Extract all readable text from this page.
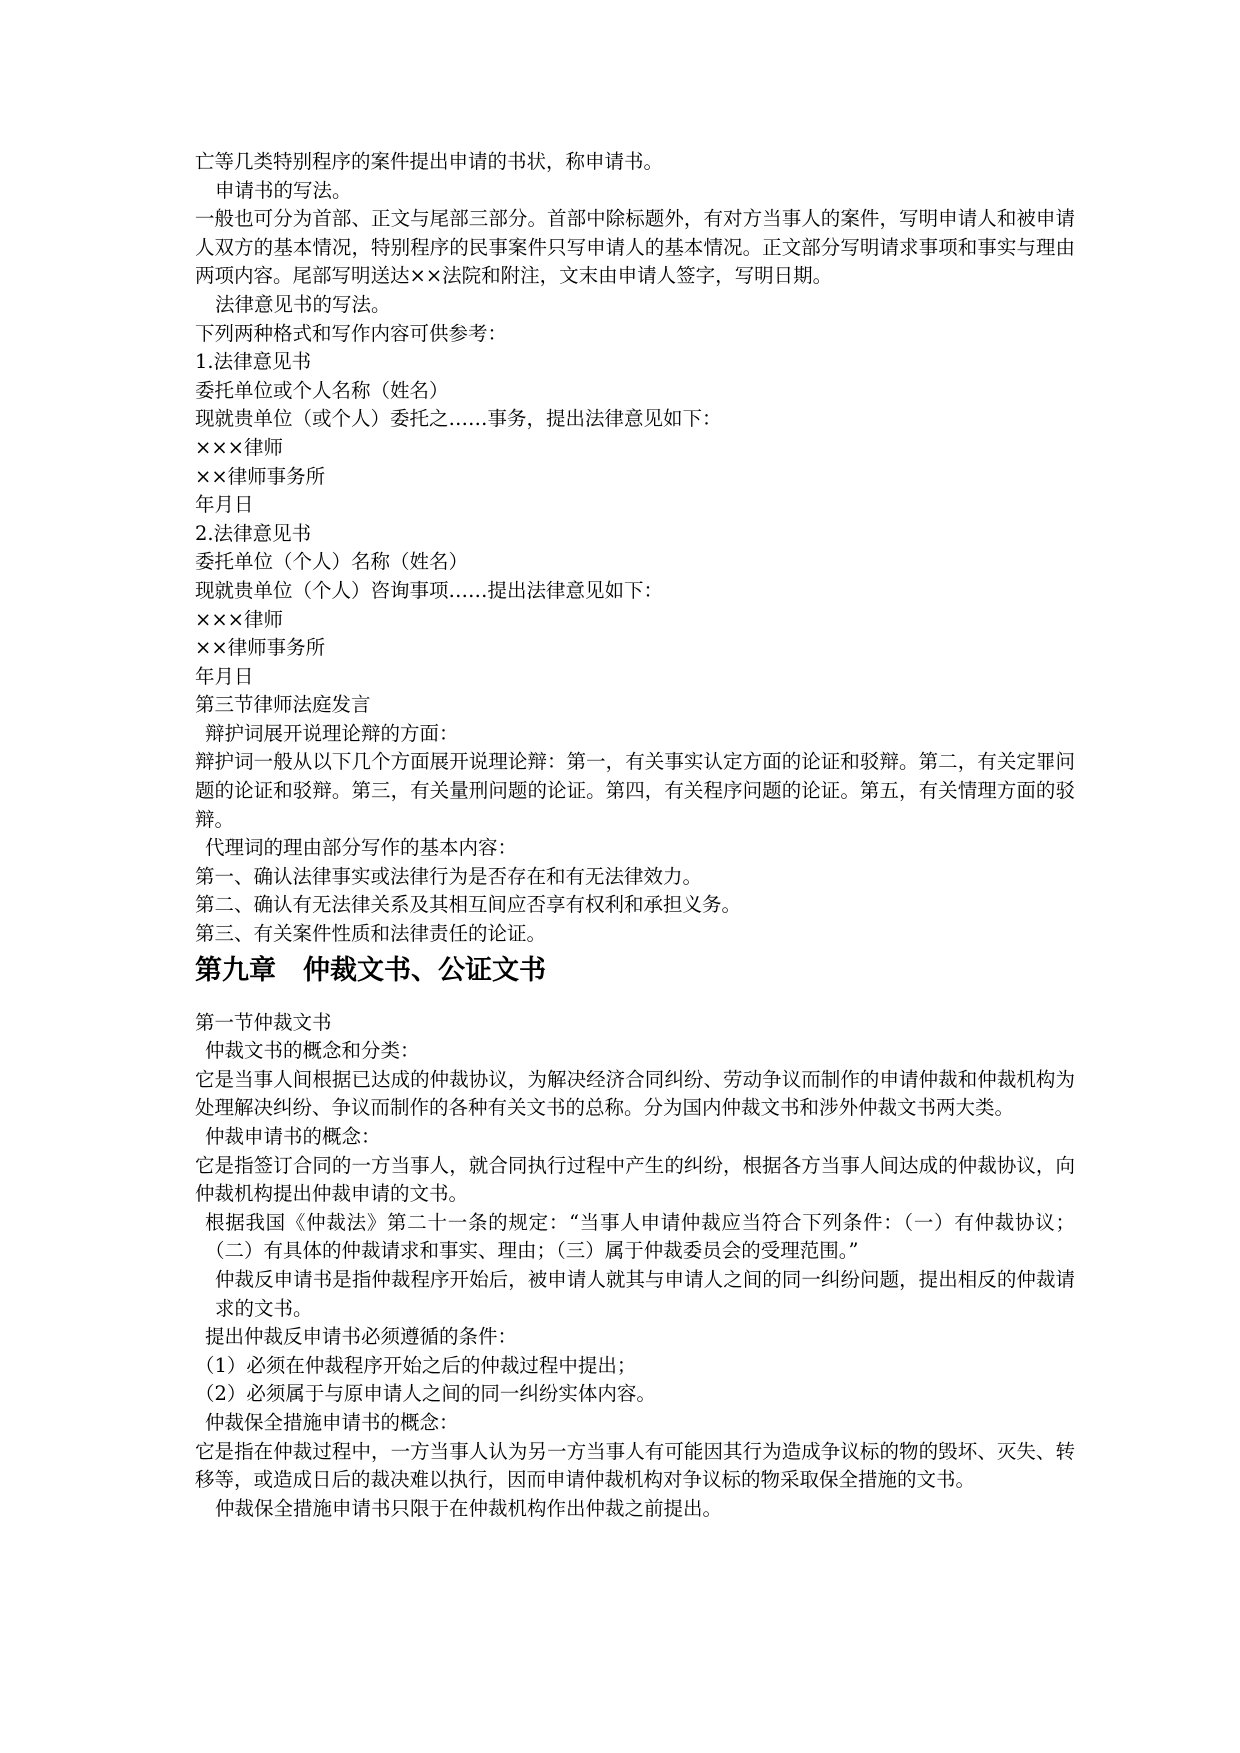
亡等几类特别程序的案件提出申请的书状，称申请书。
申请书的写法。
一般也可分为首部、正文与尾部三部分。首部中除标题外，有对方当事人的案件，写明申请人和被申请人双方的基本情况，特别程序的民事案件只写申请人的基本情况。正文部分写明请求事项和事实与理由两项内容。尾部写明送达××法院和附注，文末由申请人签字，写明日期。
法律意见书的写法。
下列两种格式和写作内容可供参考：
1.法律意见书
委托单位或个人名称（姓名）
现就贵单位（或个人）委托之……事务，提出法律意见如下：
×××律师
××律师事务所
年月日
2.法律意见书
委托单位（个人）名称（姓名）
现就贵单位（个人）咨询事项……提出法律意见如下：
×××律师
××律师事务所
年月日
第三节律师法庭发言
辩护词展开说理论辩的方面：
辩护词一般从以下几个方面展开说理论辩：第一，有关事实认定方面的论证和驳辩。第二，有关定罪问题的论证和驳辩。第三，有关量刑问题的论证。第四，有关程序问题的论证。第五，有关情理方面的驳辩。
代理词的理由部分写作的基本内容：
第一、确认法律事实或法律行为是否存在和有无法律效力。
第二、确认有无法律关系及其相互间应否享有权利和承担义务。
第三、有关案件性质和法律责任的论证。
第九章　仲裁文书、公证文书
第一节仲裁文书
仲裁文书的概念和分类：
它是当事人间根据已达成的仲裁协议，为解决经济合同纠纷、劳动争议而制作的申请仲裁和仲裁机构为处理解决纠纷、争议而制作的各种有关文书的总称。分为国内仲裁文书和涉外仲裁文书两大类。
仲裁申请书的概念：
它是指签订合同的一方当事人，就合同执行过程中产生的纠纷，根据各方当事人间达成的仲裁协议，向仲裁机构提出仲裁申请的文书。
根据我国《仲裁法》第二十一条的规定：“当事人申请仲裁应当符合下列条件：（一）有仲裁协议；（二）有具体的仲裁请求和事实、理由；（三）属于仲裁委员会的受理范围。”
仲裁反申请书是指仲裁程序开始后，被申请人就其与申请人之间的同一纠纷问题，提出相反的仲裁请求的文书。
提出仲裁反申请书必须遵循的条件：
（1）必须在仲裁程序开始之后的仲裁过程中提出；
（2）必须属于与原申请人之间的同一纠纷实体内容。
仲裁保全措施申请书的概念：
它是指在仲裁过程中，一方当事人认为另一方当事人有可能因其行为造成争议标的物的毁坏、灭失、转移等，或造成日后的裁决难以执行，因而申请仲裁机构对争议标的物采取保全措施的文书。
仲裁保全措施申请书只限于在仲裁机构作出仲裁之前提出。
